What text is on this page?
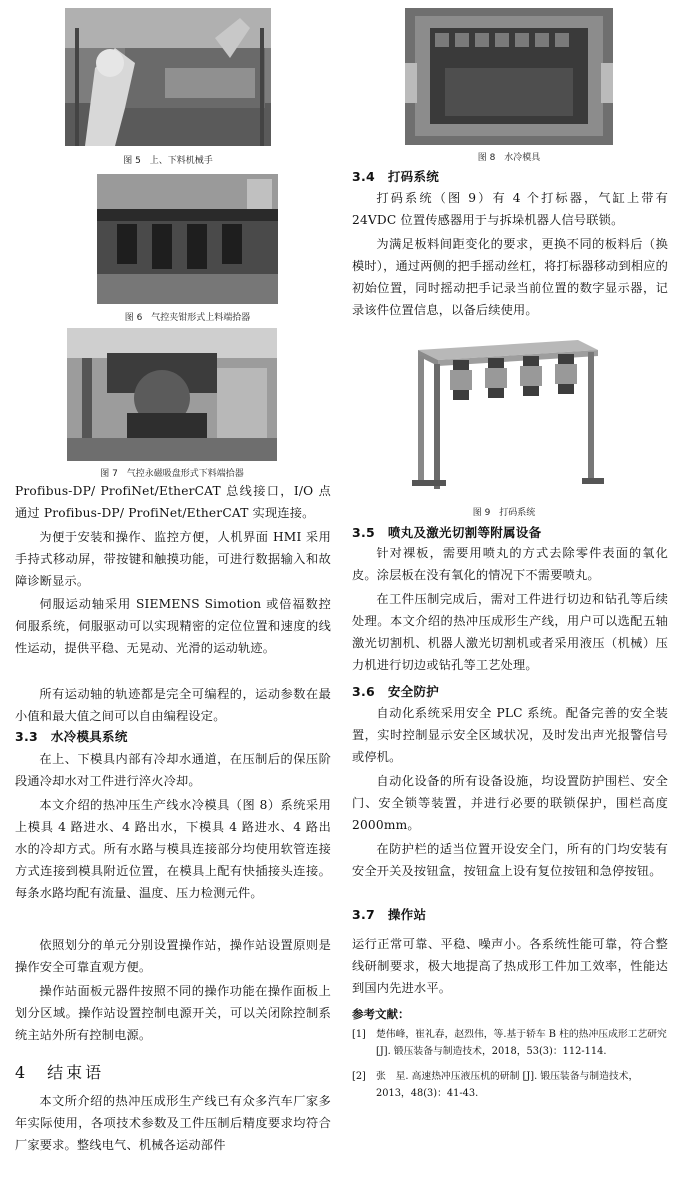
图 5　上、下料机械手
图 6　气控夹钳形式上料端拾器
图 7　气控永磁吸盘形式下料端拾器
Profibus-DP/ ProfiNet/EtherCAT 总线接口，I/O 点通过 Profibus-DP/ ProfiNet/EtherCAT 实现连接。
为便于安装和操作、监控方便，人机界面 HMI 采用手持式移动屏，带按键和触摸功能，可进行数据输入和故障诊断显示。
伺服运动轴采用 SIEMENS Simotion 或倍福数控伺服系统，伺服驱动可以实现精密的定位位置和速度的线性运动，提供平稳、无晃动、光滑的运动轨迹。
所有运动轴的轨迹都是完全可编程的，运动参数在最小值和最大值之间可以自由编程设定。
3.3　水冷模具系统
在上、下模具内部有冷却水通道，在压制后的保压阶段通冷却水对工件进行淬火冷却。
本文介绍的热冲压生产线水冷模具（图 8）系统采用上模具 4 路进水、4 路出水，下模具 4 路进水、4 路出水的冷却方式。所有水路与模具连接部分均使用软管连接方式连接到模具附近位置，在模具上配有快插接头连接。每条水路均配有流量、温度、压力检测元件。
依照划分的单元分别设置操作站，操作站设置原则是操作安全可靠直观方便。
操作站面板元器件按照不同的操作功能在操作面板上划分区域。操作站设置控制电源开关，可以关闭除控制系统主站外所有控制电源。
4　结束语
本文所介绍的热冲压成形生产线已有众多汽车厂家多年实际使用，各项技术参数及工件压制后精度要求均符合厂家要求。整线电气、机械各运动部件
图 8　水冷模具
3.4　打码系统
打码系统（图 9）有 4 个打标器，气缸上带有 24VDC 位置传感器用于与拆垛机器人信号联锁。
为满足板料间距变化的要求，更换不同的板料后（换模时），通过两侧的把手摇动丝杠，将打标器移动到相应的初始位置，同时摇动把手记录当前位置的数字显示器，记录该件位置信息，以备后续使用。
图 9　打码系统
3.5　喷丸及激光切割等附属设备
针对裸板，需要用喷丸的方式去除零件表面的氧化皮。涂层板在没有氧化的情况下不需要喷丸。
在工件压制完成后，需对工件进行切边和钻孔等后续处理。本文介绍的热冲压成形生产线，用户可以选配五轴激光切割机、机器人激光切割机或者采用液压（机械）压力机进行切边或钻孔等工艺处理。
3.6　安全防护
自动化系统采用安全 PLC 系统。配备完善的安全装置，实时控制显示安全区域状况，及时发出声光报警信号或停机。
自动化设备的所有设备设施，均设置防护围栏、安全门、安全锁等装置，并进行必要的联锁保护，围栏高度 2000mm。
在防护栏的适当位置开设安全门，所有的门均安装有安全开关及按钮盒，按钮盒上设有复位按钮和急停按钮。
3.7　操作站
运行正常可靠、平稳、噪声小。各系统性能可靠，符合整线研制要求，极大地提高了热成形工件加工效率，性能达到国内先进水平。
参考文献：
[1]	楚伟峰，崔礼春，赵烈伟，等.基于轿车 B 柱的热冲压成形工艺研究[J]. 锻压装备与制造技术，2018，53(3)：112-114.
[2]	张　星. 高速热冲压液压机的研制 [J]. 锻压装备与制造技术，2013，48(3)：41-43.
